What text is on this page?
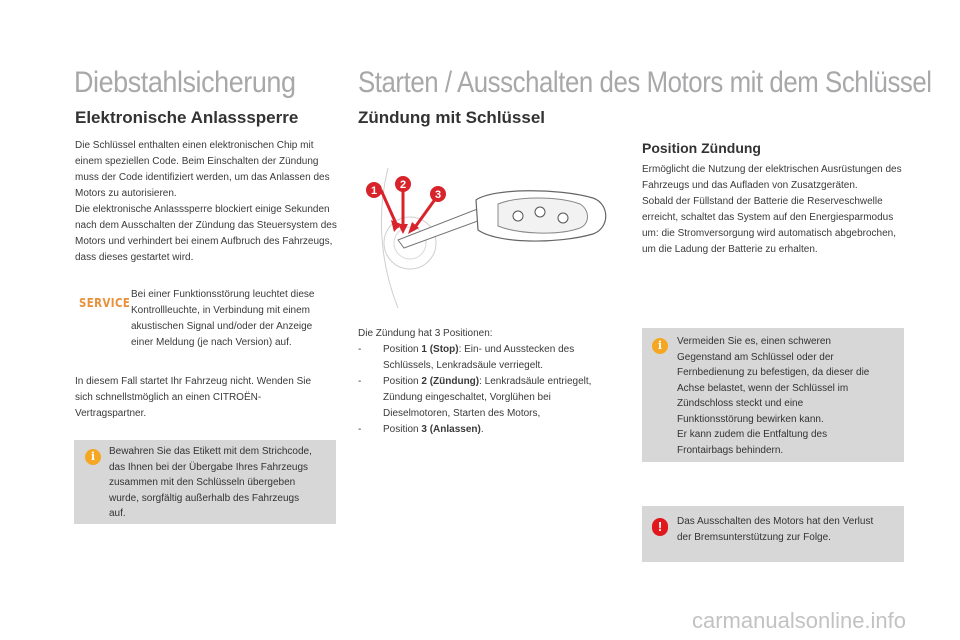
Diebstahlsicherung
Elektronische Anlasssperre

Die Schlüssel enthalten einen elektronischen Chip mit einem speziellen Code. Beim Einschalten der Zündung muss der Code identifiziert werden, um das Anlassen des Motors zu autorisieren.

Die elektronische Anlasssperre blockiert einige Sekunden nach dem Ausschalten der Zündung das Steuersystem des Motors und verhindert bei einem Aufbruch des Fahrzeugs, dass dieses gestartet wird.

SERVICE
Bei einer Funktionsstörung leuchtet diese Kontrollleuchte, in Verbindung mit einem akustischen Signal und/oder der Anzeige einer Meldung (je nach Version) auf.
In diesem Fall startet Ihr Fahrzeug nicht. Wenden Sie sich schnellstmöglich an einen CITROËN-Vertragspartner.
i	Bewahren Sie das Etikett mit dem Strichcode, das Ihnen bei der Übergabe Ihres Fahrzeugs zusammen mit den Schlüsseln übergeben wurde, sorgfältig außerhalb des Fahrzeugs auf.
Starten / Ausschalten des Motors mit dem Schlüssel
Zündung mit Schlüssel
1 2
3

Die Zündung hat 3 Positionen:

- Position 1 (Stop): Ein- und Ausstecken des Schlüssels, Lenkradsäule verriegelt.
- Position 2 (Zündung): Lenkradsäule entriegelt, Zündung eingeschaltet, Vorglühen bei Dieselmotoren, Starten des Motors,
- Position 3 (Anlassen).
Position Zündung

Ermöglicht die Nutzung der elektrischen Ausrüstungen des Fahrzeugs und das Aufladen von Zusatzgeräten.

Sobald der Füllstand der Batterie die Reserveschwelle erreicht, schaltet das System auf den Energiesparmodus um: die Stromversorgung wird automatisch abgebrochen, um die Ladung der Batterie zu erhalten.

i	Vermeiden Sie es, einen schweren Gegenstand am Schlüssel oder der Fernbedienung zu befestigen, da dieser die Achse belastet, wenn der Schlüssel im Zündschloss steckt und eine Funktionsstörung bewirken kann.

Er kann zudem die Entfaltung des Frontairbags behindern.

!	Das Ausschalten des Motors hat den Verlust der Bremsunterstützung zur Folge.
carmanualsonline.info
